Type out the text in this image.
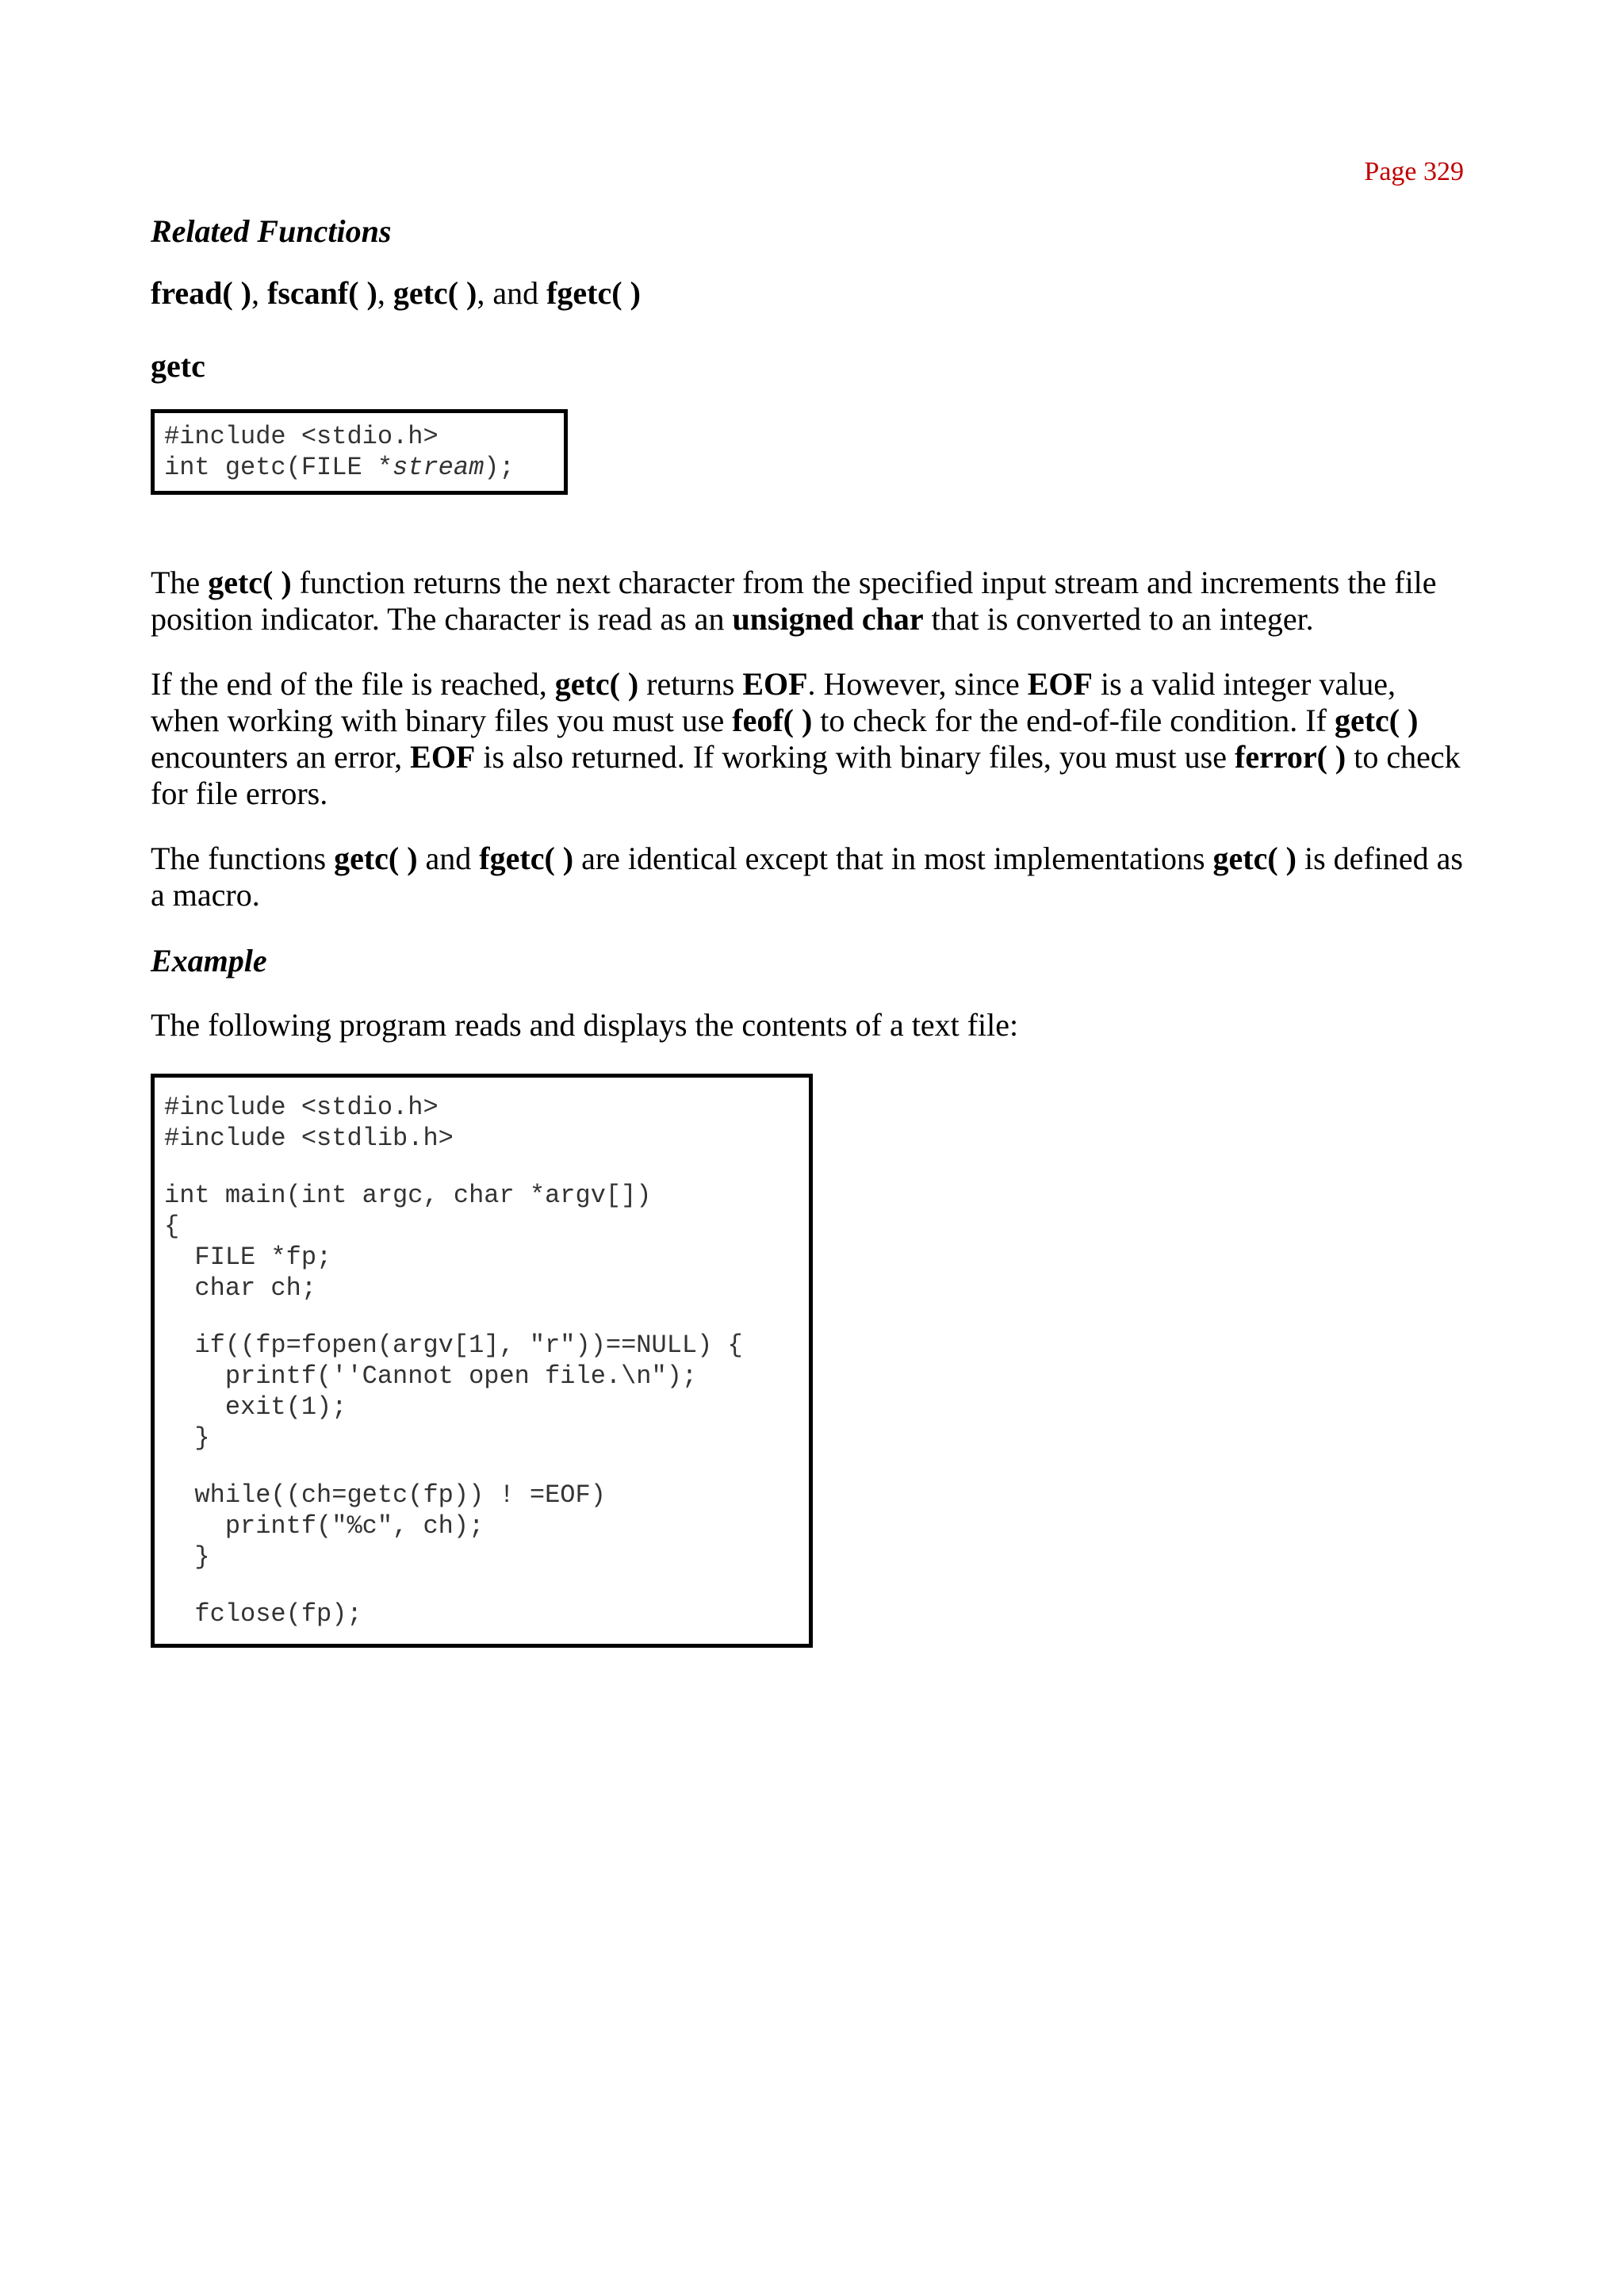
Page 329
Related Functions

fread( ), fscanf( ), getc( ), and fgetc( )

getc
#include <stdio.h>
int getc(FILE *stream);

The getc( ) function returns the next character from the specified input stream and increments the file position indicator. The character is read as an unsigned char that is converted to an integer.

If the end of the file is reached, getc( ) returns EOF. However, since EOF is a valid integer value, when working with binary files you must use feof( ) to check for the end-of-file condition. If getc( ) encounters an error, EOF is also returned. If working with binary files, you must use ferror( ) to check for file errors.

The functions getc( ) and fgetc( ) are identical except that in most implementations getc( ) is defined as a macro.

Example

The following program reads and displays the contents of a text file:

#include <stdio.h>
#include <stdlib.h>
int main(int argc, char *argv[])
{
FILE *fp;
char ch;
if((fp=fopen(argv[1], "r"))==NULL) {
printf(''Cannot open file.\n");
exit(1);
}
while((ch=getc(fp)) ! =EOF)
printf("%c", ch);
}
fclose(fp);
